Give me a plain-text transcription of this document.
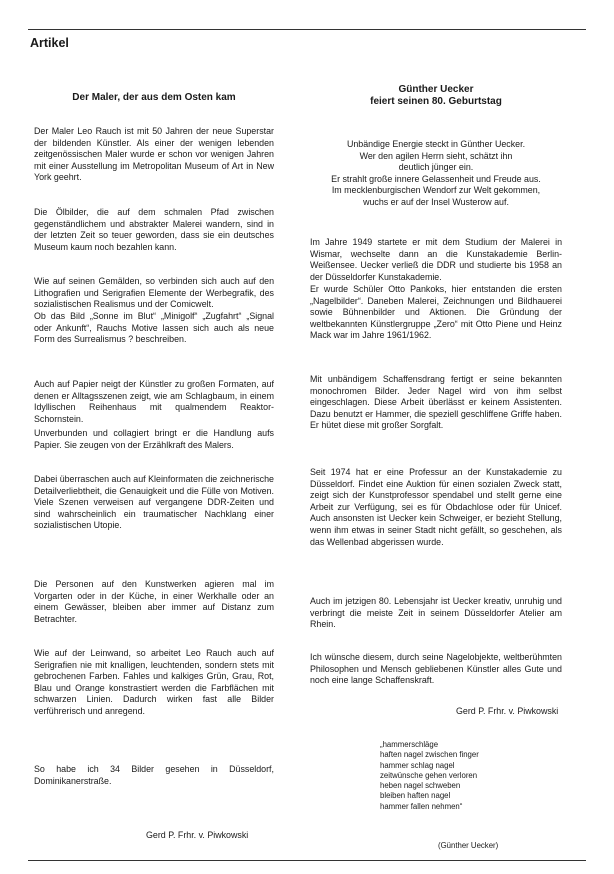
Artikel
Der Maler, der aus dem Osten kam

Der Maler Leo Rauch ist mit 50 Jahren der neue Superstar der bildenden Künstler. Als einer der wenigen lebenden zeitgenössischen Maler wurde er schon vor wenigen Jahren mit einer Ausstellung im Metropolitan Museum of Art in New York geehrt.

Die Ölbilder, die auf dem schmalen Pfad zwischen gegenständlichem und abstrakter Malerei wandern, sind in der letzten Zeit so teuer geworden, dass sie ein deutsches Museum kaum noch bezahlen kann.

Wie auf seinen Gemälden, so verbinden sich auch auf den Lithografien und Serigrafien Elemente der Werbegrafik, des sozialistischen Realismus und der Comicwelt.

Ob das Bild „Sonne im Blut“ „Minigolf“ „Zugfahrt“ „Signal oder Ankunft“, Rauchs Motive lassen sich auch als neue Form des Surrealismus ? beschreiben.

Auch auf Papier neigt der Künstler zu großen Formaten, auf denen er Alltagsszenen zeigt, wie am Schlagbaum, in einem Idyllischen Reihenhaus mit qualmendem Reaktor-Schornstein.

Unverbunden und collagiert bringt er die Handlung aufs Papier. Sie zeugen von der Erzählkraft des Malers.

Dabei überraschen auch auf Kleinformaten die zeichnerische Detailverliebtheit, die Genauigkeit und die Fülle von Motiven. Viele Szenen verweisen auf vergangene DDR-Zeiten und sind wahrscheinlich ein traumatischer Nachklang einer sozialistischen Utopie.

Die Personen auf den Kunstwerken agieren mal im Vorgarten oder in der Küche, in einer Werkhalle oder an einem Gewässer, bleiben aber immer auf Distanz zum Betrachter.

Wie auf der Leinwand, so arbeitet Leo Rauch auch auf Serigrafien nie mit knalligen, leuchtenden, sondern stets mit gebrochenen Farben. Fahles und kalkiges Grün, Grau, Rot, Blau und Orange konstrastiert werden die Farbflächen mit schwarzen Linien. Dadurch wirken fast alle Bilder verführerisch und anregend.

So habe ich 34 Bilder gesehen in Düsseldorf, Dominikanerstraße.

Gerd P. Frhr. v. Piwkowski
Günther Uecker
feiert seinen 80. Geburtstag
Unbändige Energie steckt in Günther Uecker.
Wer den agilen Herrn sieht, schätzt ihn
deutlich jünger ein.
Er strahlt große innere Gelassenheit und Freude aus.
Im mecklenburgischen Wendorf zur Welt gekommen,
wuchs er auf der Insel Wusterow auf.

Im Jahre 1949 startete er mit dem Studium der Malerei in Wismar, wechselte dann an die Kunstakademie Berlin-Weißensee. Uecker verließ die DDR und studierte bis 1958 an der Düsseldorfer Kunstakademie.

Er wurde Schüler Otto Pankoks, hier entstanden die ersten „Nagelbilder“. Daneben Malerei, Zeichnungen und Bildhauerei sowie Bühnenbilder und Aktionen. Die Gründung der weltbekannten Künstlergruppe „Zero“ mit Otto Piene und Heinz Mack war im Jahre 1961/1962.

Mit unbändigem Schaffensdrang fertigt er seine bekannten monochromen Bilder. Jeder Nagel wird von ihm selbst eingeschlagen. Diese Arbeit überlässt er keinem Assistenten. Dazu benutzt er Hammer, die speziell geschliffene Griffe haben. Er hütet diese mit großer Sorgfalt.

Seit 1974 hat er eine Professur an der Kunstakademie zu Düsseldorf. Findet eine Auktion für einen sozialen Zweck statt, zeigt sich der Kunstprofessor spendabel und stellt gerne eine Arbeit zur Verfügung, sei es für Obdachlose oder für Unicef. Auch ansonsten ist Uecker kein Schweiger, er bezieht Stellung, wenn ihm etwas in seiner Stadt nicht gefällt, so geschehen, als das Wellenbad abgerissen wurde.

Auch im jetzigen 80. Lebensjahr ist Uecker kreativ, unruhig und verbringt die meiste Zeit in seinem Düsseldorfer Atelier am Rhein.

Ich wünsche diesem, durch seine Nagelobjekte, weltberühmten Philosophen und Mensch gebliebenen Künstler alles Gute und noch eine lange Schaffenskraft.

Gerd P. Frhr. v. Piwkowski
„hammerschläge
haften nagel zwischen finger
hammer schlag nagel
zeitwünsche gehen verloren
heben nagel schweben
bleiben haften nagel
hammer fallen nehmen“
(Günther Uecker)
